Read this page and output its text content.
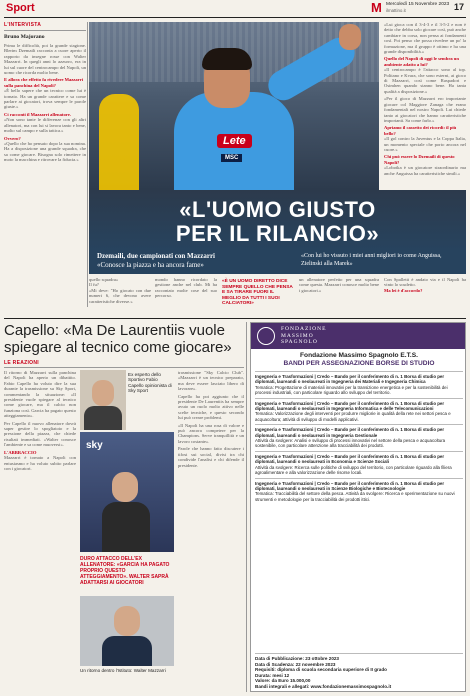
Sport	M Mercoledì 15 Novembre 2023
ilmattino.it	17
L'INTERVISTA
Bruno Majorano

Prima le difficoltà, poi la grande stagione. Blerim Dzemaili racconta a cuore aperto il rapporto da insegne rosse con Walter Mazzarri. In quegli anni lo azzurro, era in lui sul cuore del centrocampo del Napoli, un uomo che ricorda molto bene.

E allora che effetto fa rivedere Mazzarri sulla panchina del Napoli?

«È bello sapere che un tecnico come lui è tornato. Ha un grande carattere e sa come parlare ai giocatori, trova sempre le parole giuste.»

Ci racconti il Mazzarri allenatore.

«Non sono tante le differenze con gli altri allenatori, ma con lui si lavora tanto e bene, molto sul campo e sulla tattica.»

Ovvero?

«Quello che ho pensato dopo la sua nomina. Ha a disposizione una grande squadra, che sa come giocare. Bisogna solo rimettere in moto la macchina e ritrovare la fiducia.»

Lete
MSC

«Lui gioca con il 3-4-3 e il 3-5-2 e non è detto che debba solo giocare così, può anche cambiare in corsa, non pensa ai fondamenti così. Poi penso che possa rivedere un po' la formazione, ma il gruppo è ottimo e ha una grande disponibilità.»

Quello del Napoli di oggi le sembra un ambiente adatto a lui?

«Il centrocampo è l'attacco sono al top. Politano e Kvara, che sono esterni, ai gioco di Mazzarri, così come Raspadori e Osimhen quando stanno bene. Ha tanta qualità a disposizione.»

«Per il gioco di Mazzarri ero importante giocare col Maggiore Zanaga che erano fondamentali nel nostro Napoli. Lui chiede tanto ai giocatori che hanno caratteristiche importanti. Sa come farlo.»

Apriamo il cassetto dei ricordi: il più bello?

«Il gol contro la Juventus e la Coppa Italia, un momento speciale che porto ancora nel cuore.»

Chi può essere lo Dzemaili di questo Napoli?

«Lobotka è un giocatore straordinario ma anche Anguissa ha caratteristiche simili.»

«L'UOMO GIUSTO
PER IL RILANCIO»
Dzemaili, due campionati con Mazzarri
«Conosce la piazza e ha ancora fame»
«Con lui ho vissuto i miei anni migliori io come Anguissa, Zielinski alla Marek»

quello squadra»
Il fu?
«Mi deve: "Ho giocato con due numeri 6, che devono avere caratteristiche diverse.»

mondo hanno ricordato la gestione anche nel club. Mi ha raccontato molte cose del suo percorso.

«È UN UOMO DIRETTO DICE SEMPRE QUELLO CHE PENSA E SA TIRARE FUORI IL MEGLIO DA TUTTI I SUOI CALCIATORI»

un allenatore perfetto per una squadra come questa. Mazzarri conosce molto bene i giocatori.»

Con Spalletti è andato via e il Napoli ha vinto lo scudetto.
Ma lei è d'accordo?

Capello: «Ma De Laurentiis vuole spiegare al tecnico come giocare»
LE REAZIONI

Il ritorno di Mazzarri sulla panchina del Napoli ha aperto un dibattito. Fabio Capello ha voluto dire la sua durante la trasmissione su Sky Sport, commentando la situazione: «Il presidente vuole spiegare al tecnico come giocare, ma il calcio non funziona così. Garcia ha pagato questo atteggiamento».

Per Capello il nuovo allenatore dovrà saper gestire lo spogliatoio e la pressione della piazza, che chiede risultati immediati. «Walter conosce l'ambiente e sa come muoversi».

L'ABBRACCIO

Mazzarri è tornato a Napoli con entusiasmo e ha voluto subito parlare con i giocatori.

Ex esperto dello Sportivo Fabio Capello opinionista di Sky Sport
sky
DURO ATTACCO DELL'EX ALLENATORE: «GARCIA HA PAGATO PROPRIO QUESTO ATTEGGIAMENTO». WALTER SAPRÀ ADATTARSI AI GIOCATORI
Un ritorno dentro l'Istituto: Walter Mazzarri

trasmissione "Sky Calcio Club". «Mazzarri è un tecnico preparato, ma deve essere lasciato libero di lavorare».

Capello ha poi aggiunto che il presidente De Laurentiis ha sempre avuto un ruolo molto attivo nelle scelte tecniche, e questo secondo lui può creare problemi.

«Il Napoli ha una rosa di valore e può ancora competere per la Champions. Serve tranquillità e un lavoro costante».

Parole che hanno fatto discutere i tifosi sui social, divisi tra chi condivide l'analisi e chi difende il presidente.

FONDAZIONE
MASSIMO
SPAGNOLO
Fondazione Massimo Spagnolo E.T.S.
BANDI PER ASSEGNAZIONE BORSE DI STUDIO
Ingegneria e Trasformazioni | Credo – Bando per il conferimento di n. 1 Borsa di studio per diplomati, laureandi o neolaureati in Ingegneria dei Materiali e Ingegneria Chimica
Tematica: Progettazione di materiali innovativi per la transizione energetica e per la sostenibilità dei processi industriali, con particolare riguardo allo sviluppo del territorio.
Ingegneria e Trasformazioni | Credo – Bando per il conferimento di n. 1 Borsa di studio per diplomati, laureandi o neolaureati in Ingegneria Informatica e delle Telecomunicazioni
Tematica: Valorizzazione degli interventi per produrre migliorie in qualità della rete nei settori pesca e acquacoltura; attività di sviluppo di modelli applicativi.
Ingegneria e Trasformazioni | Credo – Bando per il conferimento di n. 1 Borsa di studio per diplomati, laureandi o neolaureati in Ingegneria Gestionale
Attività da svolgere: Analisi e sviluppo di processi innovativi nel settore della pesca e acquacoltura sostenibile, con particolare attenzione alla tracciabilità dei prodotti.
Ingegneria e Trasformazioni | Credo – Bando per il conferimento di n. 1 Borsa di studio per diplomati, laureandi o neolaureati in Economia e Scienze Sociali
Attività da svolgere: Ricerca sulle politiche di sviluppo del territorio, con particolare riguardo alla filiera agroalimentare e alla valorizzazione delle risorse locali.
Ingegneria e Trasformazioni | Credo – Bando per il conferimento di n. 1 Borsa di studio per diplomati, laureandi o neolaureati in Scienze Biologiche e Biotecnologie
Tematica: Tracciabilità del settore della pesca. Attività da svolgere: Ricerca e sperimentazione su nuovi strumenti e metodologie per la tracciabilità dei prodotti ittici.
Data di Pubblicazione: 23 ottobre 2023
Data di Scadenza: 22 novembre 2023
Requisiti: diploma di scuola secondaria superiore di II grado
Durata: mesi 12
Valore: da Euro 15.000,00
Bandi integrali e allegati: www.fondazionemassimospagnolo.it
